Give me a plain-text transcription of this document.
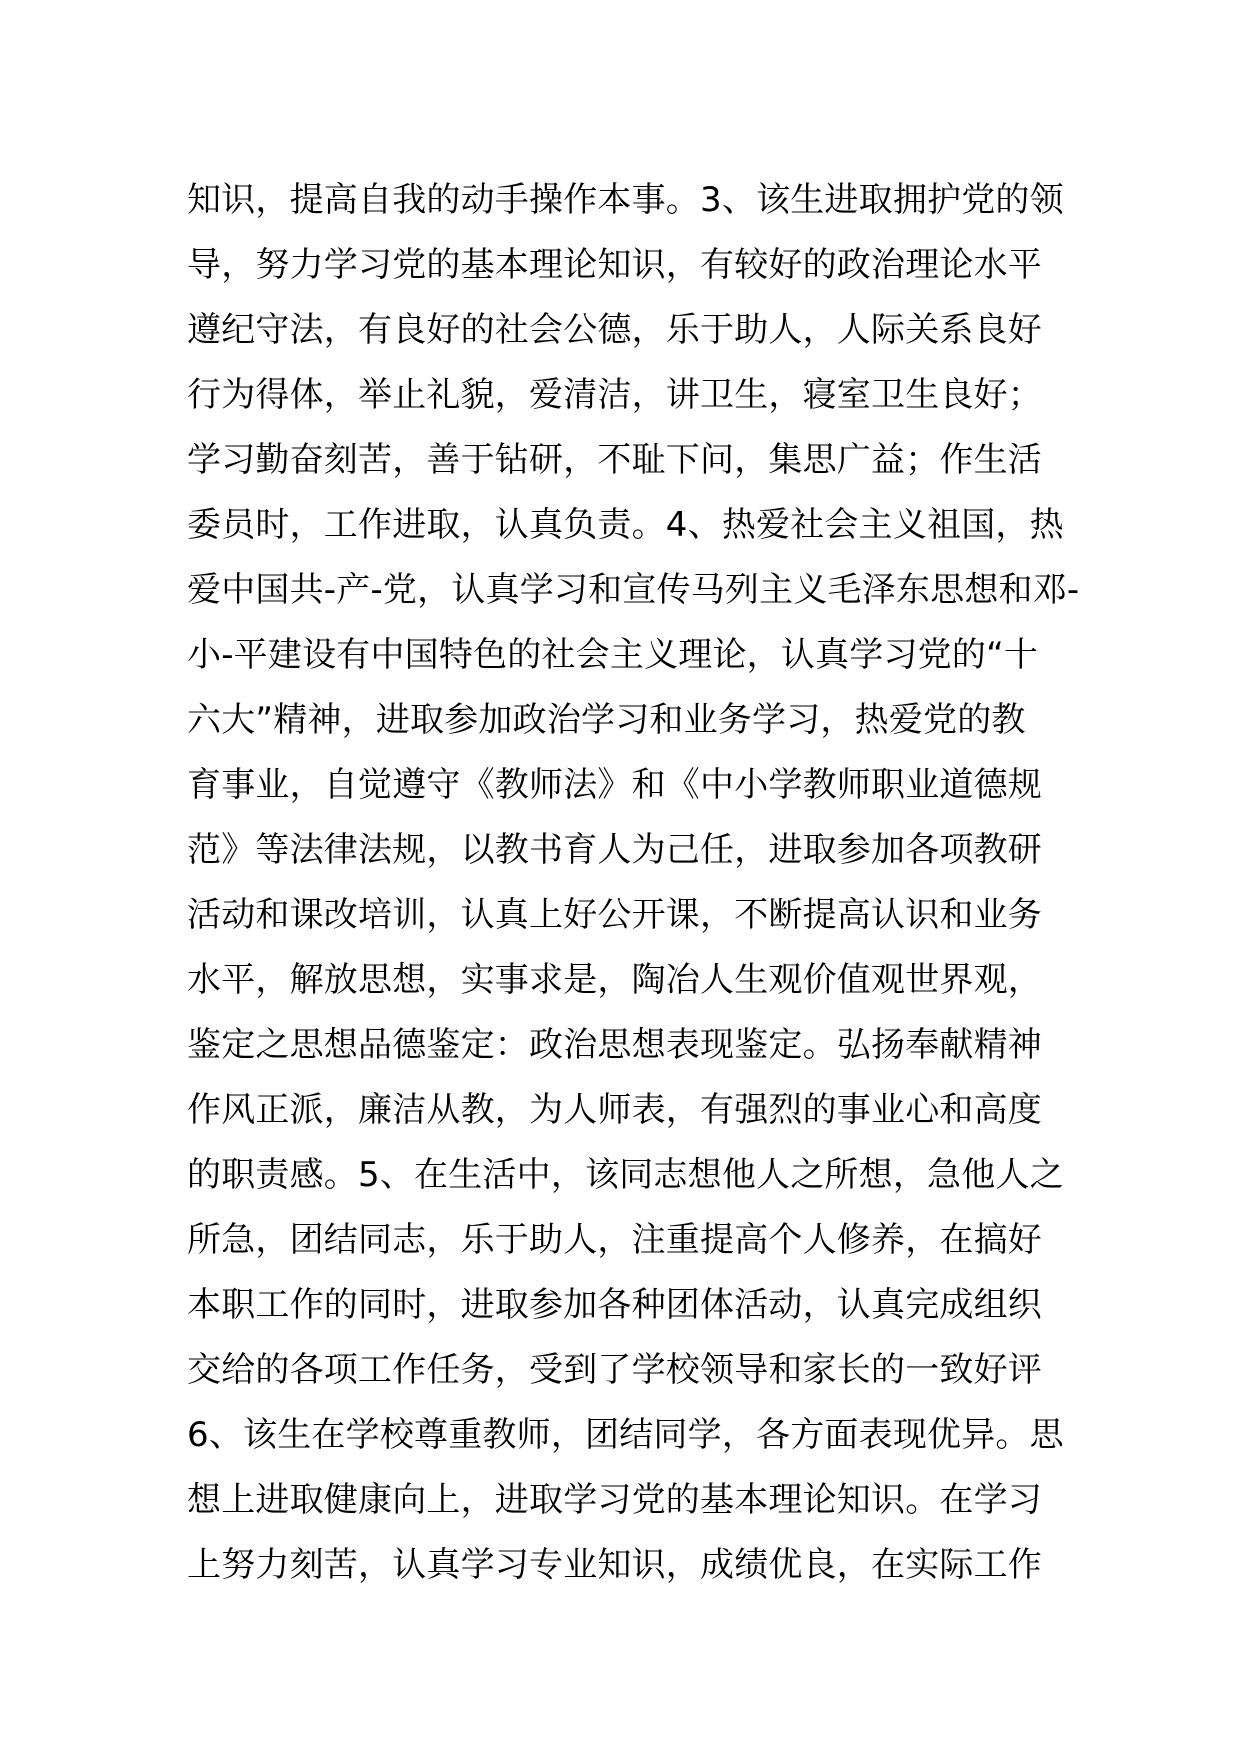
知识，提高自我的动手操作本事。3、该生进取拥护党的领
导，努力学习党的基本理论知识，有较好的政治理论水平
遵纪守法，有良好的社会公德，乐于助人，人际关系良好
行为得体，举止礼貌，爱清洁，讲卫生，寝室卫生良好；
学习勤奋刻苦，善于钻研，不耻下问，集思广益；作生活
委员时，工作进取，认真负责。4、热爱社会主义祖国，热
爱中国共-产-党，认真学习和宣传马列主义毛泽东思想和邓-
小-平建设有中国特色的社会主义理论，认真学习党的“十
六大”精神，进取参加政治学习和业务学习，热爱党的教
育事业，自觉遵守《教师法》和《中小学教师职业道德规
范》等法律法规，以教书育人为己任，进取参加各项教研
活动和课改培训，认真上好公开课，不断提高认识和业务
水平，解放思想，实事求是，陶冶人生观价值观世界观，
鉴定之思想品德鉴定：政治思想表现鉴定。弘扬奉献精神
作风正派，廉洁从教，为人师表，有强烈的事业心和高度
的职责感。5、在生活中，该同志想他人之所想，急他人之
所急，团结同志，乐于助人，注重提高个人修养，在搞好
本职工作的同时，进取参加各种团体活动，认真完成组织
交给的各项工作任务，受到了学校领导和家长的一致好评
6、该生在学校尊重教师，团结同学，各方面表现优异。思
想上进取健康向上，进取学习党的基本理论知识。在学习
上努力刻苦，认真学习专业知识，成绩优良，在实际工作
